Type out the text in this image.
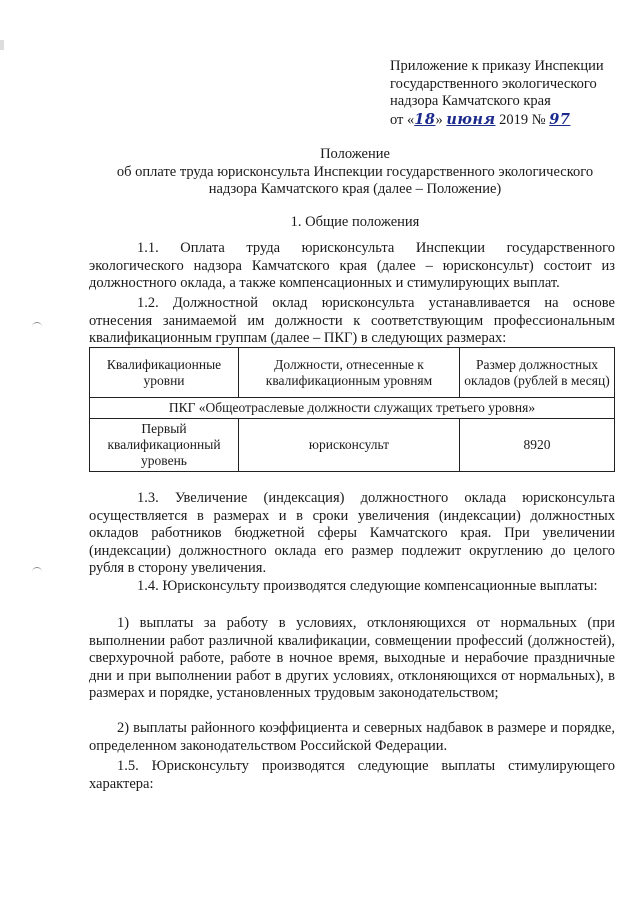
Приложение к приказу Инспекции
государственного экологического
надзора Камчатского края
от «18» июня 2019 № 97
Положение
об оплате труда юрисконсульта Инспекции государственного экологического
надзора Камчатского края (далее – Положение)
1. Общие положения
1.1. Оплата труда юрисконсульта Инспекции государственного экологического надзора Камчатского края (далее – юрисконсульт) состоит из должностного оклада, а также компенсационных и стимулирующих выплат.
1.2. Должностной оклад юрисконсульта устанавливается на основе отнесения занимаемой им должности к соответствующим профессиональным квалификационным группам (далее – ПКГ) в следующих размерах:
Квалификационные уровни	Должности, отнесенные к квалификационным уровням	Размер должностных окладов (рублей в месяц)
ПКГ «Общеотраслевые должности служащих третьего уровня»		
Первый квалификационный уровень	юрисконсульт	8920
1.3. Увеличение (индексация) должностного оклада юрисконсульта осуществляется в размерах и в сроки увеличения (индексации) должностных окладов работников бюджетной сферы Камчатского края. При увеличении (индексации) должностного оклада его размер подлежит округлению до целого рубля в сторону увеличения.
1.4. Юрисконсульту производятся следующие компенсационные выплаты:
1) выплаты за работу в условиях, отклоняющихся от нормальных (при выполнении работ различной квалификации, совмещении профессий (должностей), сверхурочной работе, работе в ночное время, выходные и нерабочие праздничные дни и при выполнении работ в других условиях, отклоняющихся от нормальных), в размерах и порядке, установленных трудовым законодательством;
2) выплаты районного коэффициента и северных надбавок в размере и порядке, определенном законодательством Российской Федерации.
1.5. Юрисконсульту производятся следующие выплаты стимулирующего характера:
